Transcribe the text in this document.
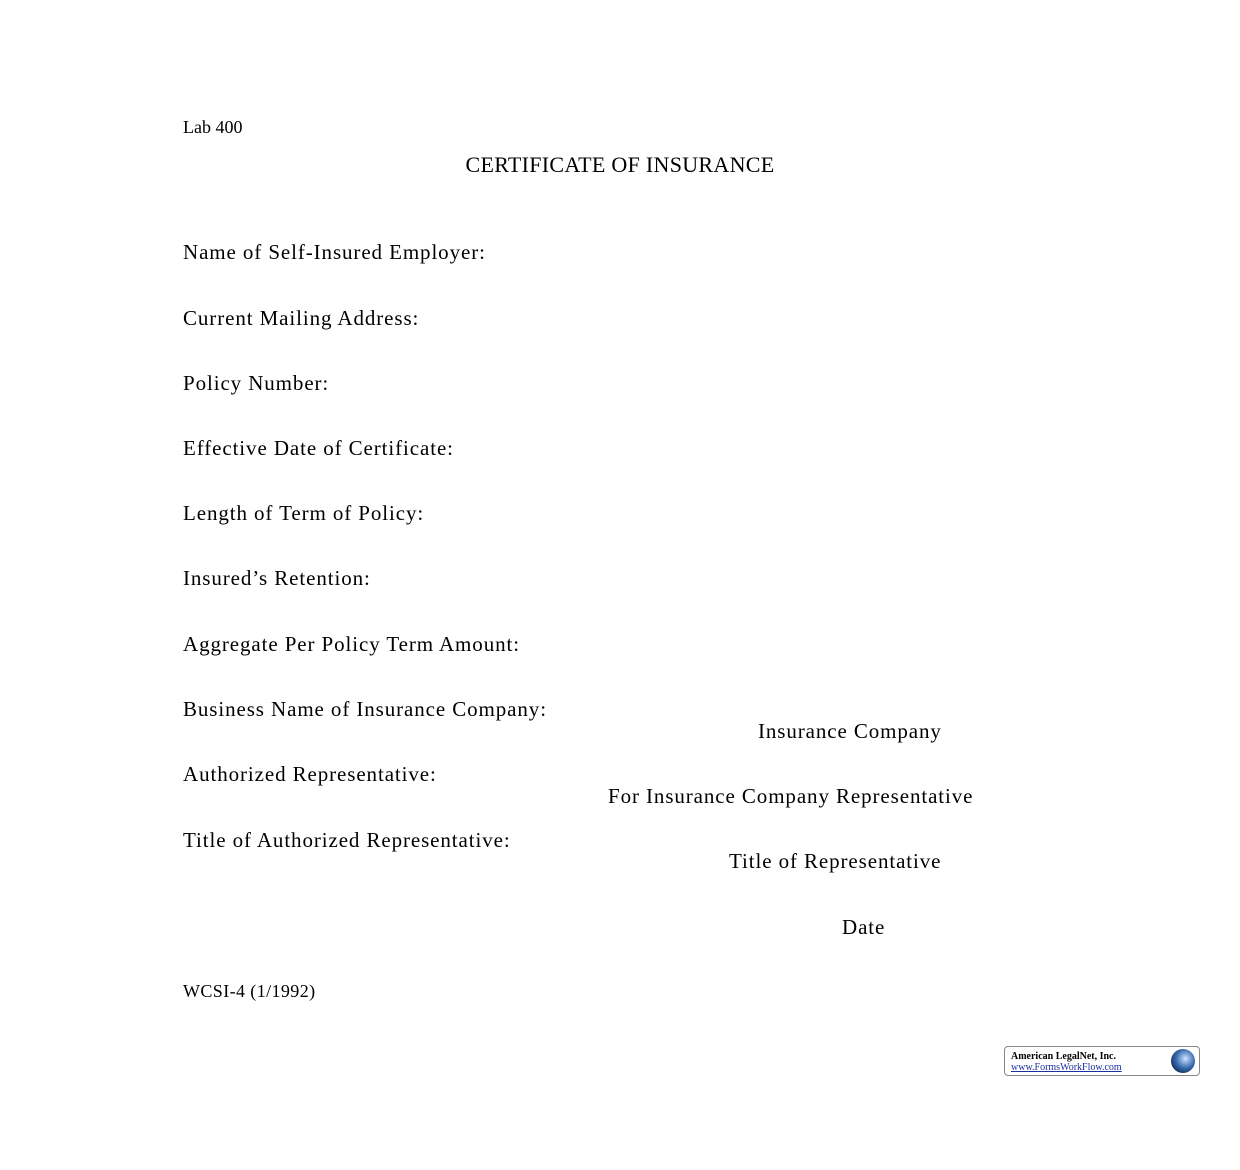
Lab 400
CERTIFICATE OF INSURANCE
Name of Self-Insured Employer:
Current Mailing Address:
Policy Number:
Effective Date of Certificate:
Length of Term of Policy:
Insured’s Retention:
Aggregate Per Policy Term Amount:
Business Name of Insurance Company:
Authorized Representative:
Title of Authorized Representative:
Insurance Company
For Insurance Company Representative
Title of Representative
Date
WCSI-4 (1/1992)
American LegalNet, Inc.
www.FormsWorkFlow.com
